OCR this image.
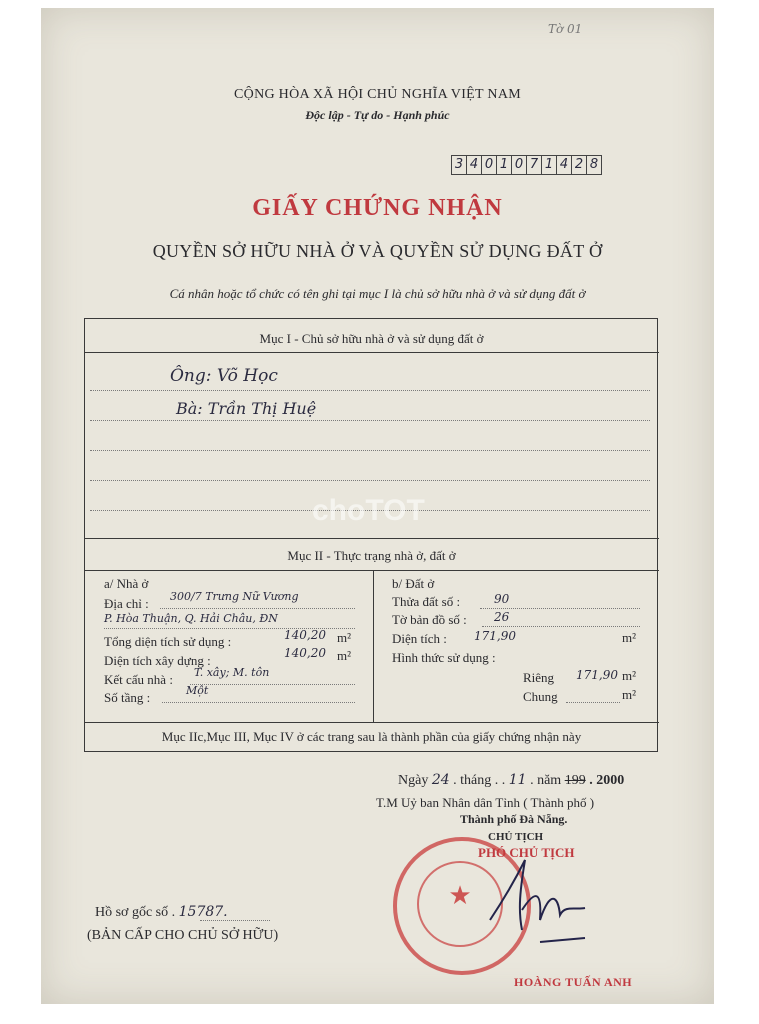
Tờ 01
CỘNG HÒA XÃ HỘI CHỦ NGHĨA VIỆT NAM
Độc lập - Tự do - Hạnh phúc
3 4 0 1 0 7 1 4 2 8
GIẤY CHỨNG NHẬN
QUYỀN SỞ HỮU NHÀ Ở VÀ QUYỀN SỬ DỤNG ĐẤT Ở
Cá nhân hoặc tổ chức có tên ghi tại mục I là chủ sở hữu nhà ở và sử dụng đất ở
Mục I - Chủ sở hữu nhà ở và sử dụng đất ở
Ông: Võ Học
Bà: Trần Thị Huệ
choTOT
Mục II - Thực trạng nhà ở, đất ở
a/ Nhà ở
Địa chỉ : 300/7 Trưng Nữ Vương
P. Hòa Thuận, Q. Hải Châu, ĐN
Tổng diện tích sử dụng :	140,20 m²
Diện tích xây dựng :	140,20 m²
Kết cấu nhà : T. xây; M. tôn
Số tầng :	Một
b/ Đất ở
Thửa đất số :	90
Tờ bản đồ số : 26
Diện tích : 171,90	m²
Hình thức sử dụng :
Riêng 171,90 m²
Chung	m²
Mục IIc,Mục III, Mục IV ở các trang sau là thành phần của giấy chứng nhận này
Ngày 24 . tháng . . 11 . năm 199 . 2000
T.M Uỷ ban Nhân dân Tỉnh ( Thành phố )
Thành phố Đà Nẵng.
CHỦ TỊCH
PHÓ CHỦ TỊCH
★
HOÀNG TUẤN ANH
Hồ sơ gốc số . 15787.
(BẢN CẤP CHO CHỦ SỞ HỮU)
